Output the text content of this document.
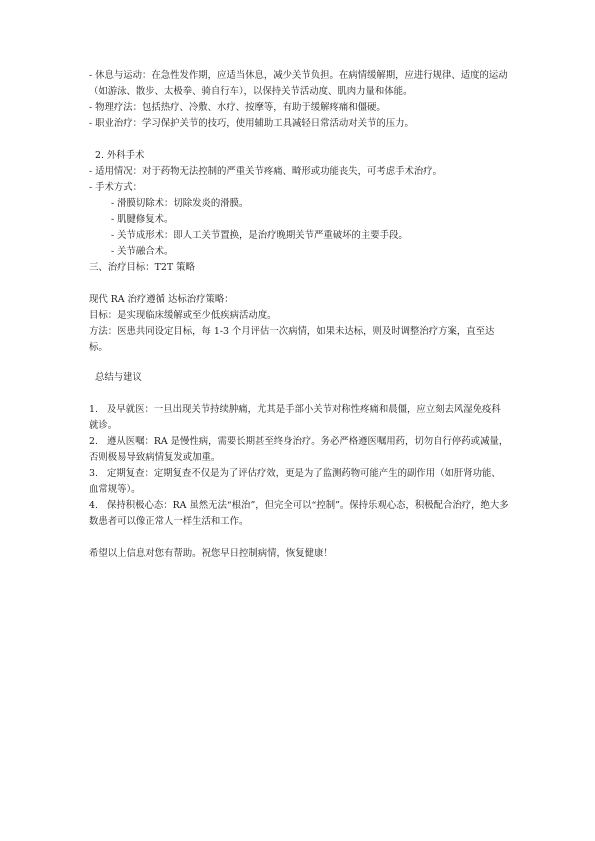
- 休息与运动：在急性发作期，应适当休息，减少关节负担。在病情缓解期，应进行规律、适度的运动（如游泳、散步、太极拳、骑自行车），以保持关节活动度、肌肉力量和体能。

- 物理疗法：包括热疗、冷敷、水疗、按摩等，有助于缓解疼痛和僵硬。

- 职业治疗：学习保护关节的技巧，使用辅助工具减轻日常活动对关节的压力。

2. 外科手术

- 适用情况：对于药物无法控制的严重关节疼痛、畸形或功能丧失，可考虑手术治疗。

- 手术方式：

- 滑膜切除术：切除发炎的滑膜。

- 肌腱修复术。

- 关节成形术：即人工关节置换，是治疗晚期关节严重破坏的主要手段。

- 关节融合术。

三、治疗目标：T2T 策略

现代 RA 治疗遵循 达标治疗策略：

目标：是实现临床缓解或至少低疾病活动度。

方法：医患共同设定目标，每 1-3 个月评估一次病情，如果未达标，则及时调整治疗方案，直至达标。

总结与建议

1. 及早就医：一旦出现关节持续肿痛，尤其是手部小关节对称性疼痛和晨僵，应立刻去风湿免疫科就诊。

2. 遵从医嘱：RA 是慢性病，需要长期甚至终身治疗。务必严格遵医嘱用药，切勿自行停药或减量，否则极易导致病情复发或加重。

3. 定期复查：定期复查不仅是为了评估疗效，更是为了监测药物可能产生的副作用（如肝肾功能、血常规等）。

4. 保持积极心态：RA 虽然无法“根治”，但完全可以“控制”。保持乐观心态，积极配合治疗，绝大多数患者可以像正常人一样生活和工作。

希望以上信息对您有帮助。祝您早日控制病情，恢复健康！
